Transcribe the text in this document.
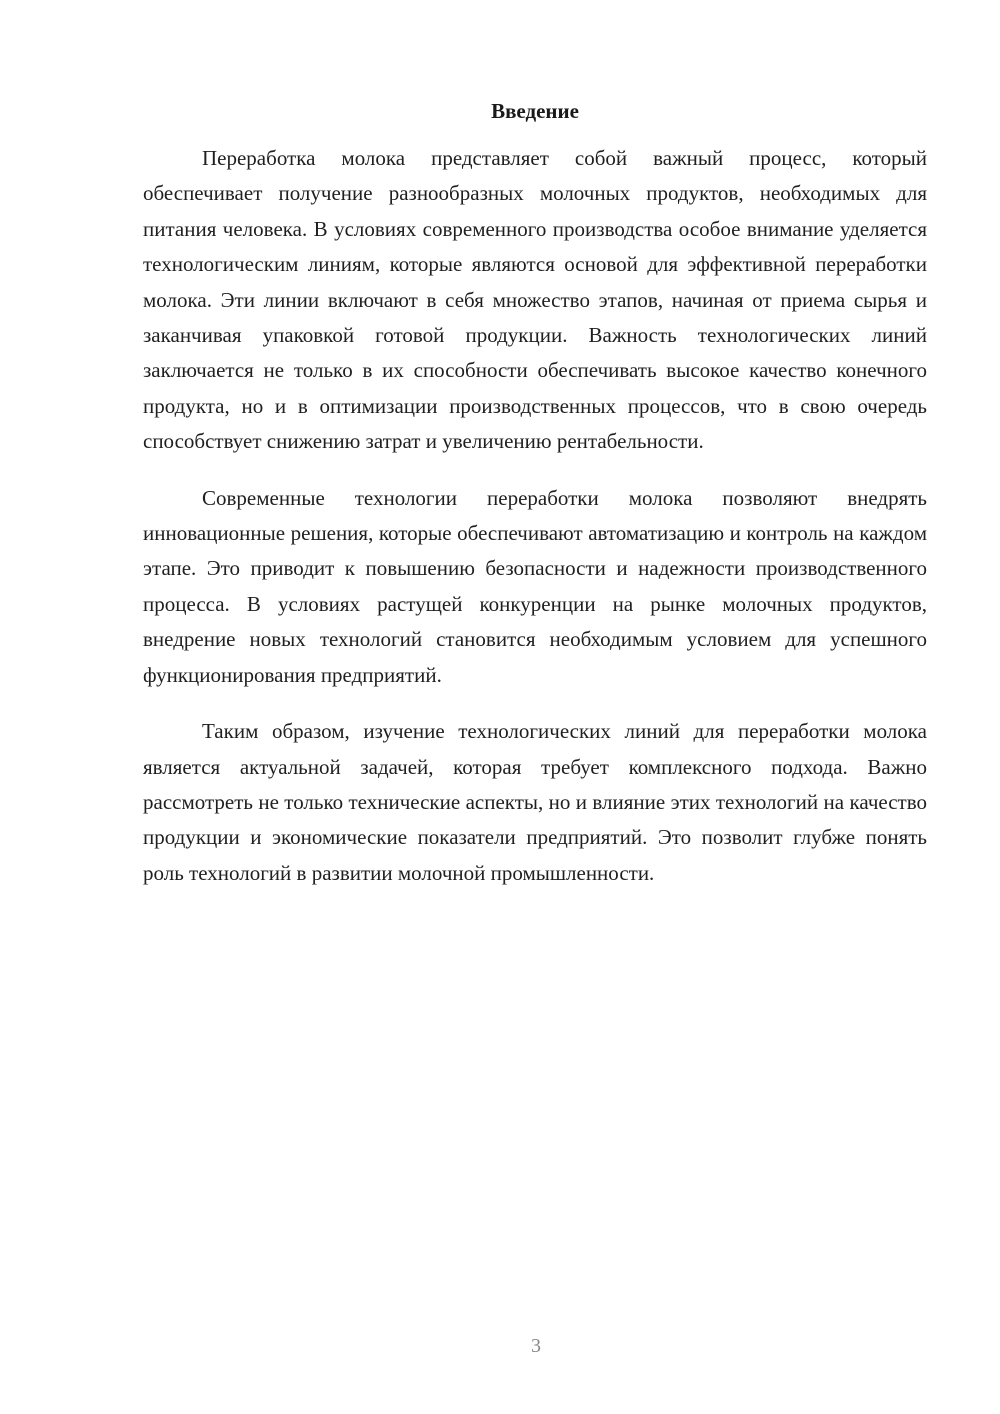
Введение

Переработка молока представляет собой важный процесс, который обеспечивает получение разнообразных молочных продуктов, необходимых для питания человека. В условиях современного производства особое внимание уделяется технологическим линиям, которые являются основой для эффективной переработки молока. Эти линии включают в себя множество этапов, начиная от приема сырья и заканчивая упаковкой готовой продукции. Важность технологических линий заключается не только в их способности обеспечивать высокое качество конечного продукта, но и в оптимизации производственных процессов, что в свою очередь способствует снижению затрат и увеличению рентабельности.

Современные технологии переработки молока позволяют внедрять инновационные решения, которые обеспечивают автоматизацию и контроль на каждом этапе. Это приводит к повышению безопасности и надежности производственного процесса. В условиях растущей конкуренции на рынке молочных продуктов, внедрение новых технологий становится необходимым условием для успешного функционирования предприятий.

Таким образом, изучение технологических линий для переработки молока является актуальной задачей, которая требует комплексного подхода. Важно рассмотреть не только технические аспекты, но и влияние этих технологий на качество продукции и экономические показатели предприятий. Это позволит глубже понять роль технологий в развитии молочной промышленности.

3
